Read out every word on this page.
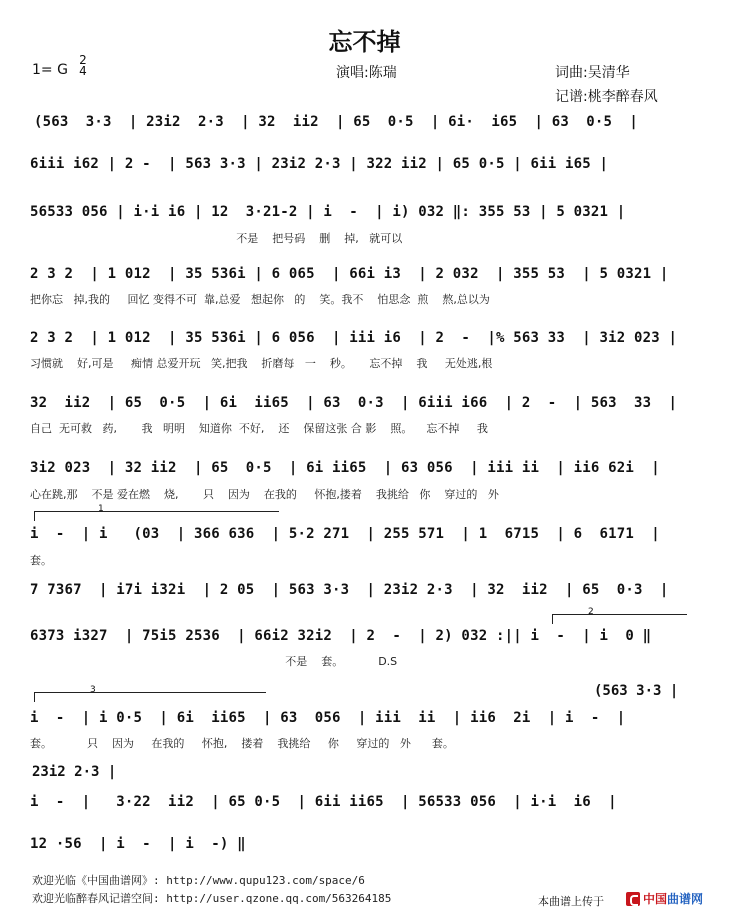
忘不掉
1= G
2
4	演唱:陈瑞	词曲:吴清华
记谱:桃李醉春风
(563  3·3  | 23i2  2·3  | 32  ii2  | 65  0·5  | 6i·  i65  | 63  0·5  |
6iii i62 | 2 -  | 563 3·3 | 23i2 2·3 | 322 ii2 | 65 0·5 | 6ii i65 |
56533 056 | i·i i6 | 12  3·21-2 | i  -  | i) 032 ‖: 355 53 | 5 0321 |
不是    把号码    删    掉,   就可以
2 3 2  | 1 012  | 35 536i | 6 065  | 66i i3  | 2 032  | 355 53  | 5 0321 |
把你忘   掉,我的     回忆 变得不可  靠,总爱   想起你   的    笑。我不    怕思念  煎    熬,总以为
2 3 2  | 1 012  | 35 536i | 6 056  | iii i6  | 2  -  |% 563 33  | 3i2 023 |
习惯就    好,可是     痴情 总爱开玩   笑,把我    折磨每   一    秒。     忘不掉    我     无处逃,根
32  ii2  | 65  0·5  | 6i  ii65  | 63  0·3  | 6iii i66  | 2  -  | 563  33  |
自己  无可救   药,       我   明明    知道你  不好,    还    保留这张 合 影    照。    忘不掉     我
3i2 023  | 32 ii2  | 65  0·5  | 6i ii65  | 63 056  | iii ii  | ii6 62i  |
心在跳,那    不是 爱在燃    烧,       只    因为    在我的     怀抱,搂着    我挑给   你    穿过的   外
1
i  -  | i   (03  | 366 636  | 5·2 271  | 255 571  | 1  6715  | 6  6171  |
套。
7 7367  | i7i i32i  | 2 05  | 563 3·3  | 23i2 2·3  | 32  ii2  | 65  0·3  |
2
6373 i327  | 75i5 2536  | 66i2 32i2  | 2  -  | 2) 032 :|| i  -  | i  0 ‖
不是    套。          D.S
3	(563 3·3 |
i  -  | i 0·5  | 6i  ii65  | 63  056  | iii  ii  | ii6  2i  | i  -  |
套。          只    因为     在我的     怀抱,    搂着    我挑给     你     穿过的   外      套。
23i2 2·3 |
i  -  |   3·22  ii2  | 65 0·5  | 6ii ii65  | 56533 056  | i·i  i6  |
12 ·56  | i  -  | i  -) ‖
欢迎光临《中国曲谱网》: http://www.qupu123.com/space/6
欢迎光临醉春风记谱空间: http://user.qzone.qq.com/563264185	本曲谱上传于	中国曲谱网
